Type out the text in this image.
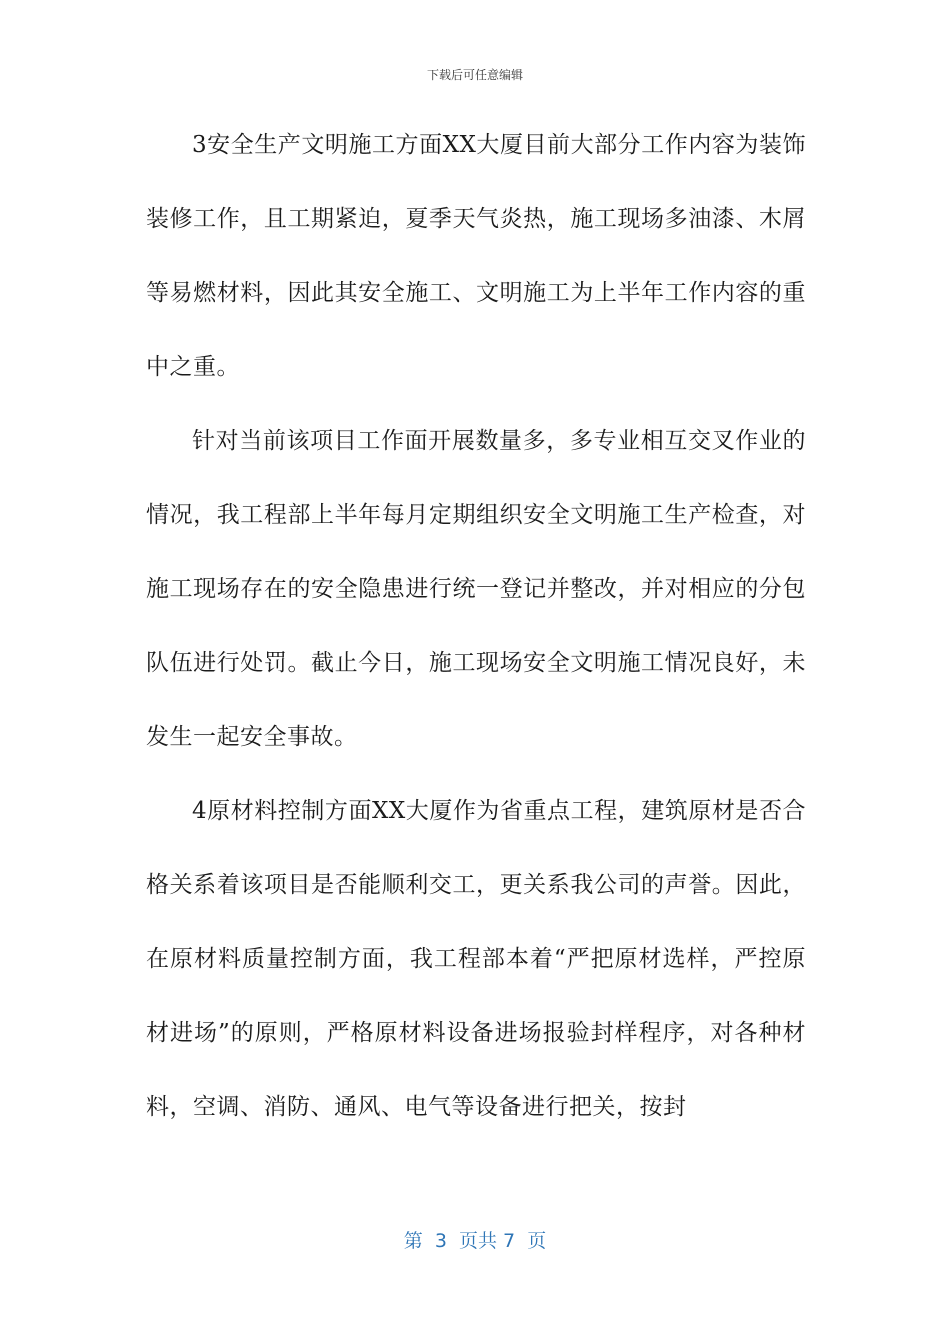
下载后可任意编辑

3安全生产文明施工方面XX大厦目前大部分工作内容为装饰装修工作，且工期紧迫，夏季天气炎热，施工现场多油漆、木屑等易燃材料，因此其安全施工、文明施工为上半年工作内容的重中之重。

针对当前该项目工作面开展数量多，多专业相互交叉作业的情况，我工程部上半年每月定期组织安全文明施工生产检查，对施工现场存在的安全隐患进行统一登记并整改，并对相应的分包队伍进行处罚。截止今日，施工现场安全文明施工情况良好，未发生一起安全事故。

4原材料控制方面XX大厦作为省重点工程，建筑原材是否合格关系着该项目是否能顺利交工，更关系我公司的声誉。因此，在原材料质量控制方面，我工程部本着“严把原材选样，严控原材进场”的原则，严格原材料设备进场报验封样程序，对各种材料，空调、消防、通风、电气等设备进行把关，按封

第  3  页共 7  页
